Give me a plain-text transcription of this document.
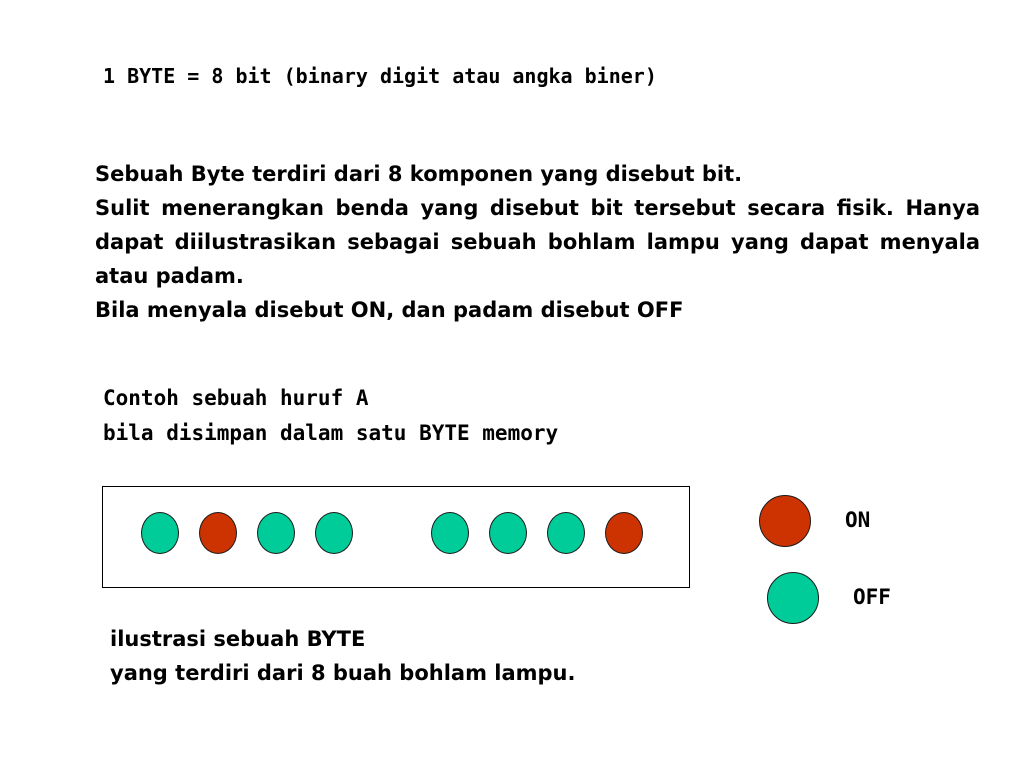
1 BYTE = 8 bit (binary digit atau angka biner)
Sebuah Byte terdiri dari 8 komponen yang disebut bit.
Sulit menerangkan benda yang disebut bit tersebut secara fisik. Hanya dapat diilustrasikan sebagai sebuah bohlam lampu yang dapat menyala atau padam.
Bila menyala disebut ON, dan padam disebut OFF
Contoh sebuah huruf A
bila disimpan dalam satu BYTE memory
ON
OFF
ilustrasi sebuah BYTE
yang terdiri dari 8 buah bohlam lampu.
